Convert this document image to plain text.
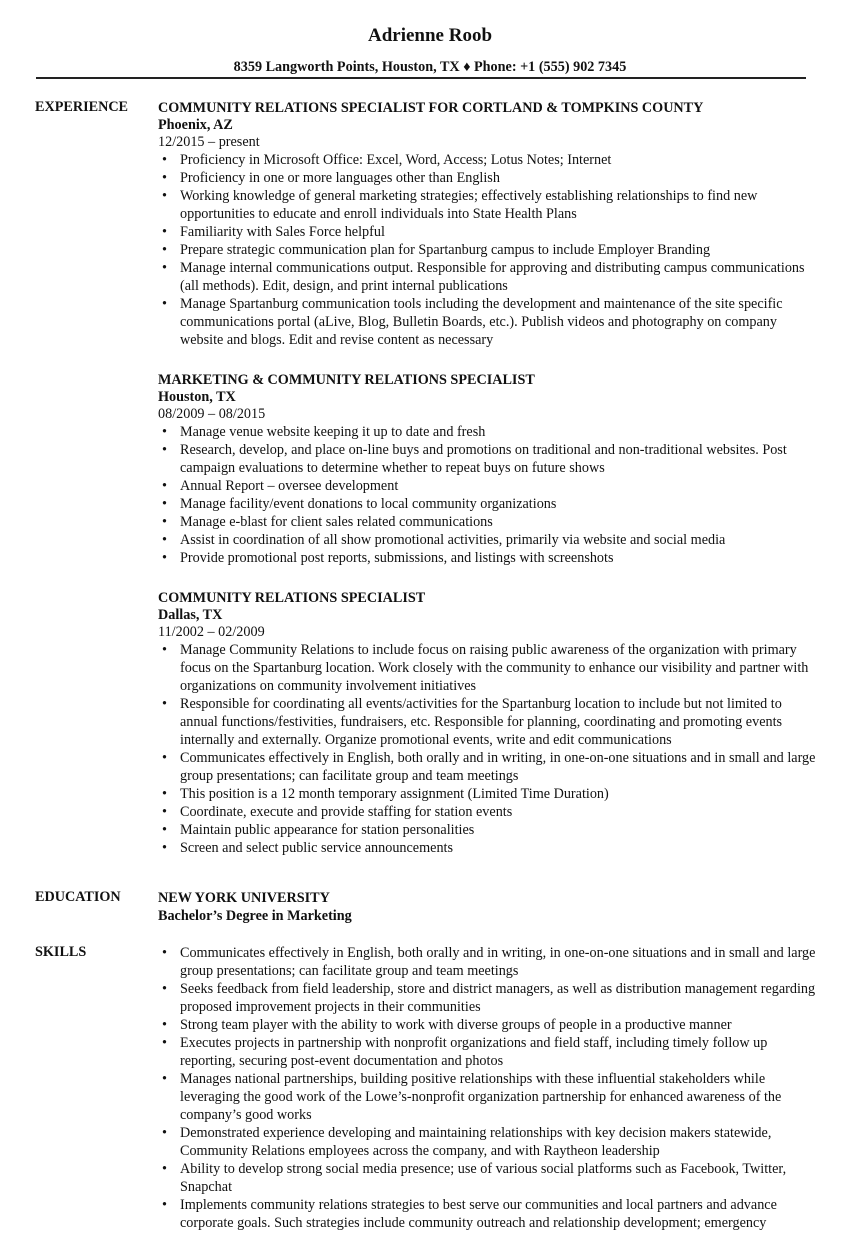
Adrienne Roob
8359 Langworth Points, Houston, TX ♦ Phone: +1 (555) 902 7345
EXPERIENCE COMMUNITY RELATIONS SPECIALIST FOR CORTLAND & TOMPKINS COUNTY
Phoenix, AZ
12/2015 – present
• Proficiency in Microsoft Office: Excel, Word, Access; Lotus Notes; Internet
• Proficiency in one or more languages other than English
• Working knowledge of general marketing strategies; effectively establishing relationships to find new opportunities to educate and enroll individuals into State Health Plans
• Familiarity with Sales Force helpful
• Prepare strategic communication plan for Spartanburg campus to include Employer Branding
• Manage internal communications output. Responsible for approving and distributing campus communications (all methods). Edit, design, and print internal publications
• Manage Spartanburg communication tools including the development and maintenance of the site specific communications portal (aLive, Blog, Bulletin Boards, etc.). Publish videos and photography on company website and blogs. Edit and revise content as necessary
MARKETING & COMMUNITY RELATIONS SPECIALIST
Houston, TX
08/2009 – 08/2015
• Manage venue website keeping it up to date and fresh
• Research, develop, and place on-line buys and promotions on traditional and non-traditional websites. Post campaign evaluations to determine whether to repeat buys on future shows
• Annual Report – oversee development
• Manage facility/event donations to local community organizations
• Manage e-blast for client sales related communications
• Assist in coordination of all show promotional activities, primarily via website and social media
• Provide promotional post reports, submissions, and listings with screenshots
COMMUNITY RELATIONS SPECIALIST
Dallas, TX
11/2002 – 02/2009
• Manage Community Relations to include focus on raising public awareness of the organization with primary focus on the Spartanburg location. Work closely with the community to enhance our visibility and partner with organizations on community involvement initiatives
• Responsible for coordinating all events/activities for the Spartanburg location to include but not limited to annual functions/festivities, fundraisers, etc. Responsible for planning, coordinating and promoting events internally and externally. Organize promotional events, write and edit communications
• Communicates effectively in English, both orally and in writing, in one-on-one situations and in small and large group presentations; can facilitate group and team meetings
• This position is a 12 month temporary assignment (Limited Time Duration)
• Coordinate, execute and provide staffing for station events
• Maintain public appearance for station personalities
• Screen and select public service announcements
EDUCATION	NEW YORK UNIVERSITY
Bachelor’s Degree in Marketing
SKILLS	• Communicates effectively in English, both orally and in writing, in one-on-one situations and in small and large group presentations; can facilitate group and team meetings
• Seeks feedback from field leadership, store and district managers, as well as distribution management regarding proposed improvement projects in their communities
• Strong team player with the ability to work with diverse groups of people in a productive manner
• Executes projects in partnership with nonprofit organizations and field staff, including timely follow up reporting, securing post-event documentation and photos
• Manages national partnerships, building positive relationships with these influential stakeholders while leveraging the good work of the Lowe’s-nonprofit organization partnership for enhanced awareness of the company’s good works
• Demonstrated experience developing and maintaining relationships with key decision makers statewide, Community Relations employees across the company, and with Raytheon leadership
• Ability to develop strong social media presence; use of various social platforms such as Facebook, Twitter, Snapchat
• Implements community relations strategies to best serve our communities and local partners and advance corporate goals. Such strategies include community outreach and relationship development; emergency
